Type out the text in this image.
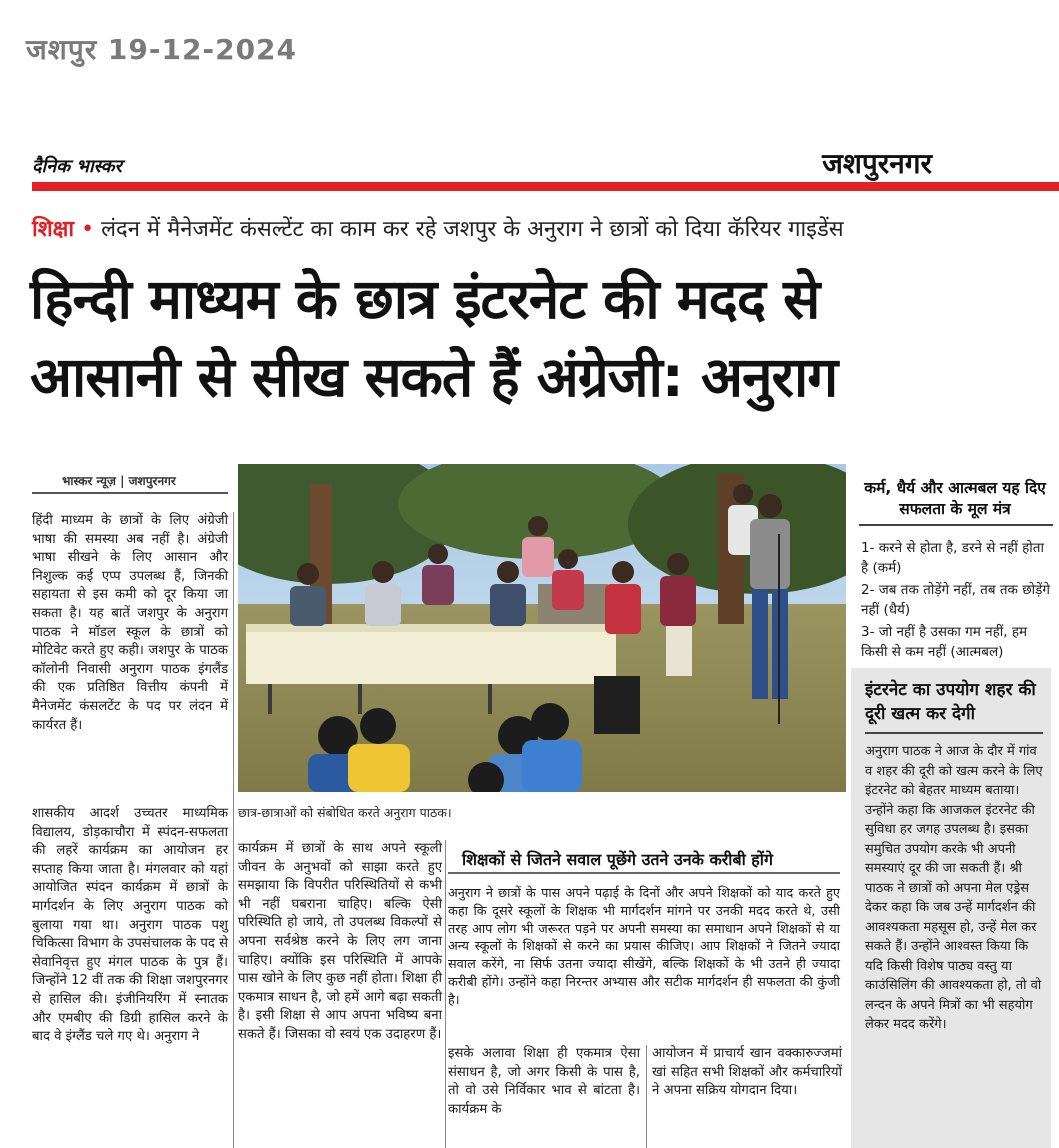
जशपुर 19-12-2024
दैनिक भास्कर	जशपुरनगर
शिक्षा • लंदन में मैनेजमेंट कंसल्टेंट का काम कर रहे जशपुर के अनुराग ने छात्रों को दिया कॅरियर गाइडेंस
हिन्दी माध्यम के छात्र इंटरनेट की मदद से
आसानी से सीख सकते हैं अंग्रेजी: अनुराग
भास्कर न्यूज़ | जशपुरनगर

हिंदी माध्यम के छात्रों के लिए अंग्रेजी भाषा की समस्या अब नहीं है। अंग्रेजी भाषा सीखने के लिए आसान और निशुल्क कई एप्प उपलब्ध हैं, जिनकी सहायता से इस कमी को दूर किया जा सकता है। यह बातें जशपुर के अनुराग पाठक ने मॉडल स्कूल के छात्रों को मोटिवेट करते हुए कही। जशपुर के पाठक कॉलोनी निवासी अनुराग पाठक इंगलैंड की एक प्रतिष्ठित वित्तीय कंपनी में मैनेजमेंट कंसलटेंट के पद पर लंदन में कार्यरत हैं।

शासकीय आदर्श उच्चतर माध्यमिक विद्यालय, डोड़काचौरा में स्पंदन-सफलता की लहरें कार्यक्रम का आयोजन हर सप्ताह किया जाता है। मंगलवार को यहां आयोजित स्पंदन कार्यक्रम में छात्रों के मार्गदर्शन के लिए अनुराग पाठक को बुलाया गया था। अनुराग पाठक पशु चिकित्सा विभाग के उपसंचालक के पद से सेवानिवृत्त हुए मंगल पाठक के पुत्र हैं। जिन्होंने 12 वीं तक की शिक्षा जशपुरनगर से हासिल की। इंजीनियरिंग में स्नातक और एमबीए की डिग्री हासिल करने के बाद वे इंग्लैंड चले गए थे। अनुराग ने

छात्र-छात्राओं को संबोधित करते अनुराग पाठक।
कर्म, धैर्य और आत्मबल यह दिए सफलता के मूल मंत्र
1- करने से होता है, डरने से नहीं होता है (कर्म)
2- जब तक तोड़ेंगे नहीं, तब तक छोड़ेंगे नहीं (धैर्य)
3- जो नहीं है उसका गम नहीं, हम किसी से कम नहीं (आत्मबल)
इंटरनेट का उपयोग शहर की दूरी खत्म कर देगी
अनुराग पाठक ने आज के दौर में गांव व शहर की दूरी को खत्म करने के लिए इंटरनेट को बेहतर माध्यम बताया। उन्होंने कहा कि आजकल इंटरनेट की सुविधा हर जगह उपलब्ध है। इसका समुचित उपयोग करके भी अपनी समस्याएं दूर की जा सकती हैं। श्री पाठक ने छात्रों को अपना मेल एड्रेस देकर कहा कि जब उन्हें मार्गदर्शन की आवश्यकता महसूस हो, उन्हें मेल कर सकते हैं। उन्होंने आश्वस्त किया कि यदि किसी विशेष पाठ्य वस्तु या काउंसिलिंग की आवश्यकता हो, तो वो लन्दन के अपने मित्रों का भी सहयोग लेकर मदद करेंगे।
कार्यक्रम में छात्रों के साथ अपने स्कूली जीवन के अनुभवों को साझा करते हुए समझाया कि विपरीत परिस्थितियों से कभी भी नहीं घबराना चाहिए। बल्कि ऐसी परिस्थिति हो जाये, तो उपलब्ध विकल्पों से अपना सर्वश्रेष्ठ करने के लिए लग जाना चाहिए। क्योंकि इस परिस्थिति में आपके पास खोने के लिए कुछ नहीं होता। शिक्षा ही एकमात्र साधन है, जो हमें आगे बढ़ा सकती है। इसी शिक्षा से आप अपना भविष्य बना सकते हैं। जिसका वो स्वयं एक उदाहरण हैं।
शिक्षकों से जितने सवाल पूछेंगे उतने उनके करीबी होंगे
अनुराग ने छात्रों के पास अपने पढ़ाई के दिनों और अपने शिक्षकों को याद करते हुए कहा कि दूसरे स्कूलों के शिक्षक भी मार्गदर्शन मांगने पर उनकी मदद करते थे, उसी तरह आप लोग भी जरूरत पड़ने पर अपनी समस्या का समाधान अपने शिक्षकों से या अन्य स्कूलों के शिक्षकों से करने का प्रयास कीजिए। आप शिक्षकों ने जितने ज्यादा सवाल करेंगे, ना सिर्फ उतना ज्यादा सीखेंगे, बल्कि शिक्षकों के भी उतने ही ज्यादा करीबी होंगे। उन्होंने कहा निरन्तर अभ्यास और सटीक मार्गदर्शन ही सफलता की कुंजी है।
इसके अलावा शिक्षा ही एकमात्र ऐसा संसाधन है, जो अगर किसी के पास है, तो वो उसे निर्विकार भाव से बांटता है। कार्यक्रम के
आयोजन में प्राचार्य खान वक्कारुज्जमां खां सहित सभी शिक्षकों और कर्मचारियों ने अपना सक्रिय योगदान दिया।
